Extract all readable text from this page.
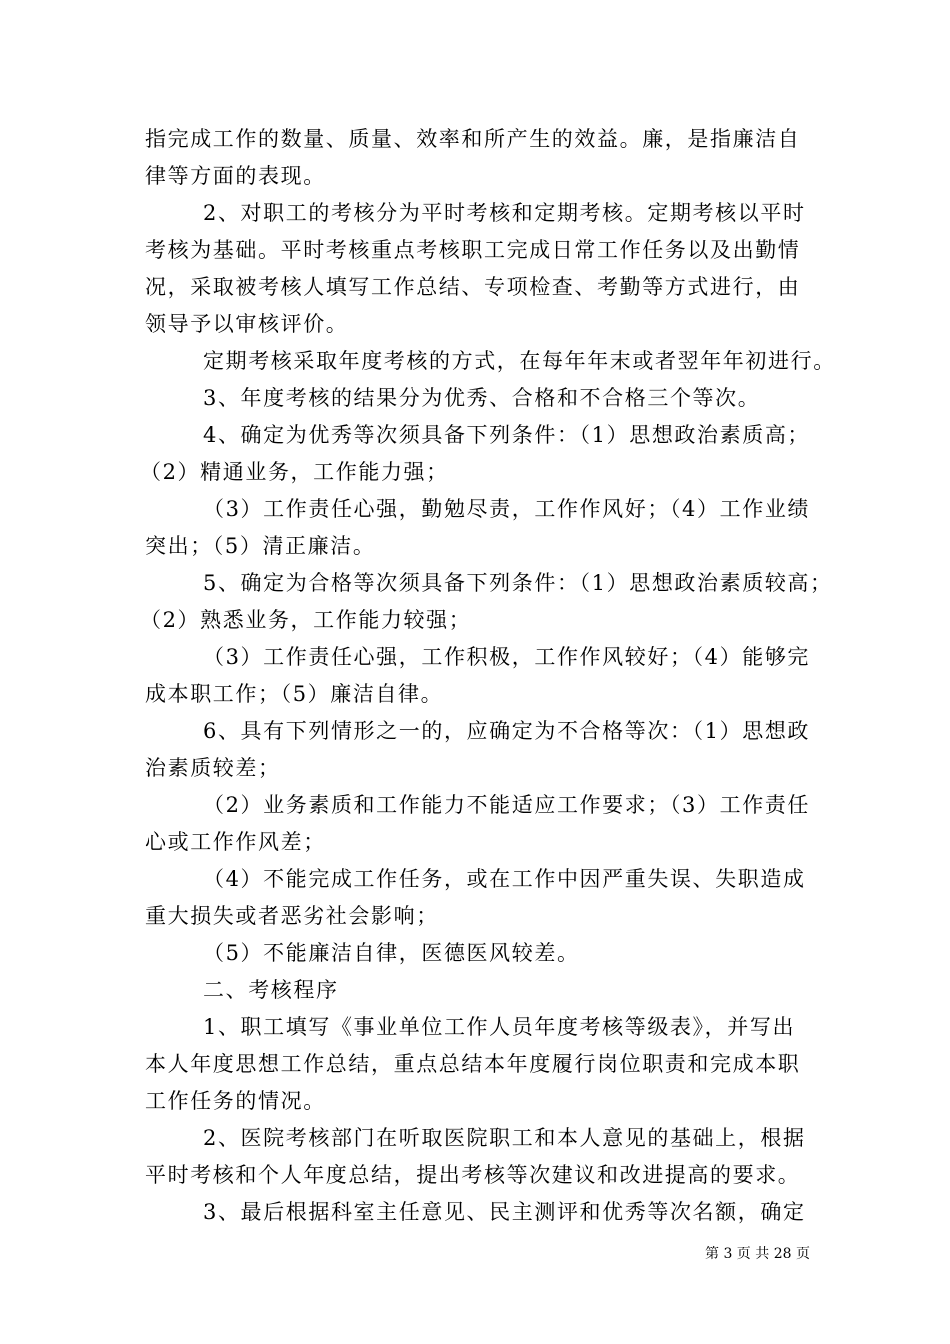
指完成工作的数量、质量、效率和所产生的效益。廉，是指廉洁自
律等方面的表现。
2、对职工的考核分为平时考核和定期考核。定期考核以平时
考核为基础。平时考核重点考核职工完成日常工作任务以及出勤情
况，采取被考核人填写工作总结、专项检查、考勤等方式进行，由
领导予以审核评价。
定期考核采取年度考核的方式，在每年年末或者翌年年初进行。
3、年度考核的结果分为优秀、合格和不合格三个等次。
4、确定为优秀等次须具备下列条件：（1）思想政治素质高；
（2）精通业务，工作能力强；
（3）工作责任心强，勤勉尽责，工作作风好；（4）工作业绩
突出；（5）清正廉洁。
5、确定为合格等次须具备下列条件：（1）思想政治素质较高；
（2）熟悉业务，工作能力较强；
（3）工作责任心强，工作积极，工作作风较好；（4）能够完
成本职工作；（5）廉洁自律。
6、具有下列情形之一的，应确定为不合格等次：（1）思想政
治素质较差；
（2）业务素质和工作能力不能适应工作要求；（3）工作责任
心或工作作风差；
（4）不能完成工作任务，或在工作中因严重失误、失职造成
重大损失或者恶劣社会影响；
（5）不能廉洁自律，医德医风较差。
二、考核程序
1、职工填写《事业单位工作人员年度考核等级表》，并写出
本人年度思想工作总结，重点总结本年度履行岗位职责和完成本职
工作任务的情况。
2、医院考核部门在听取医院职工和本人意见的基础上，根据
平时考核和个人年度总结，提出考核等次建议和改进提高的要求。
3、最后根据科室主任意见、民主测评和优秀等次名额，确定
第 3 页 共 28 页
